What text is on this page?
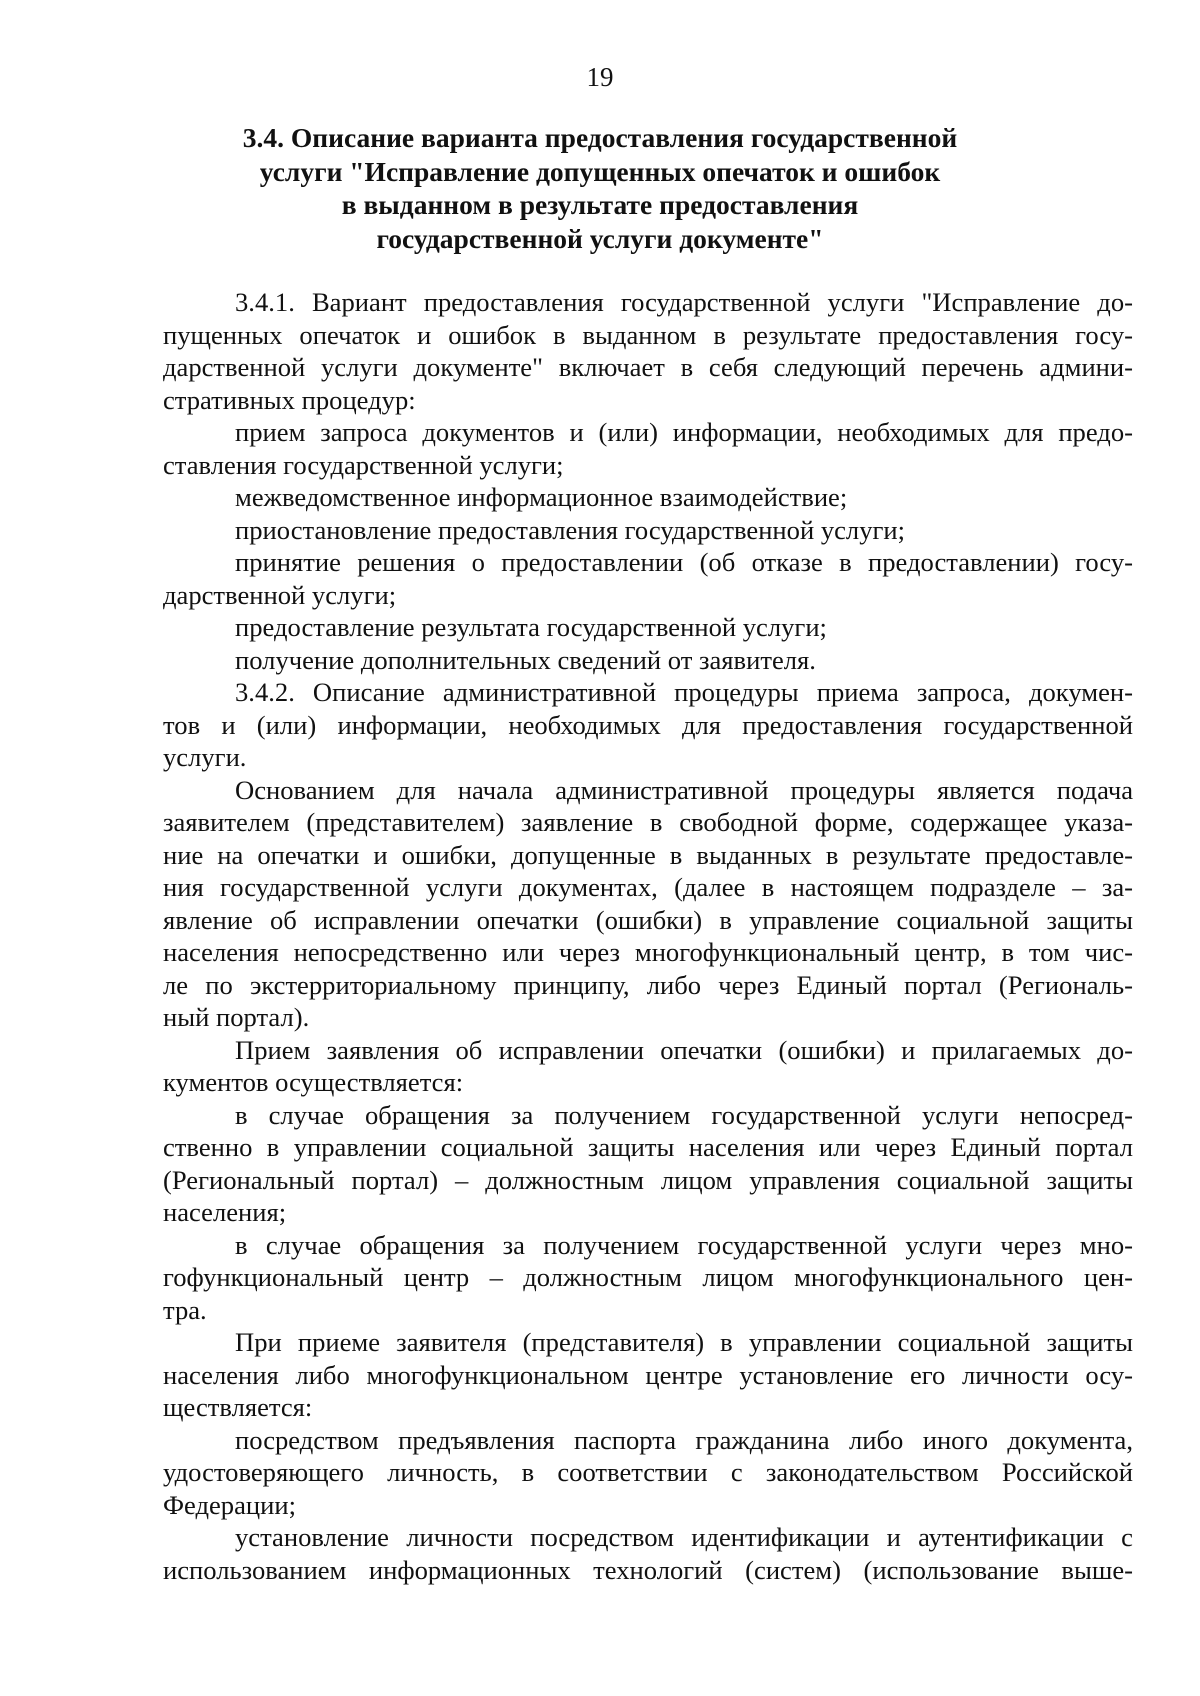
19
3.4. Описание варианта предоставления государственной
услуги "Исправление допущенных опечаток и ошибок
в выданном в результате предоставления
государственной услуги документе"
3.4.1. Вариант предоставления государственной услуги "Исправление до-
пущенных опечаток и ошибок в выданном в результате предоставления госу-
дарственной услуги документе" включает в себя следующий перечень админи-
стративных процедур:
прием запроса документов и (или) информации, необходимых для предо-
ставления государственной услуги;
межведомственное информационное взаимодействие;
приостановление предоставления государственной услуги;
принятие решения о предоставлении (об отказе в предоставлении) госу-
дарственной услуги;
предоставление результата государственной услуги;
получение дополнительных сведений от заявителя.
3.4.2. Описание административной процедуры приема запроса, докумен-
тов и (или) информации, необходимых для предоставления государственной
услуги.
Основанием для начала административной процедуры является подача
заявителем (представителем) заявление в свободной форме, содержащее указа-
ние на опечатки и ошибки, допущенные в выданных в результате предоставле-
ния государственной услуги документах, (далее в настоящем подразделе – за-
явление об исправлении опечатки (ошибки) в управление социальной защиты
населения непосредственно или через многофункциональный центр, в том чис-
ле по экстерриториальному принципу, либо через Единый портал (Региональ-
ный портал).
Прием заявления об исправлении опечатки (ошибки) и прилагаемых до-
кументов осуществляется:
в случае обращения за получением государственной услуги непосред-
ственно в управлении социальной защиты населения или через Единый портал
(Региональный портал) – должностным лицом управления социальной защиты
населения;
в случае обращения за получением государственной услуги через мно-
гофункциональный центр – должностным лицом многофункционального цен-
тра.
При приеме заявителя (представителя) в управлении социальной защиты
населения либо многофункциональном центре установление его личности осу-
ществляется:
посредством предъявления паспорта гражданина либо иного документа,
удостоверяющего личность, в соответствии с законодательством Российской
Федерации;
установление личности посредством идентификации и аутентификации с
использованием информационных технологий (систем) (использование выше-
